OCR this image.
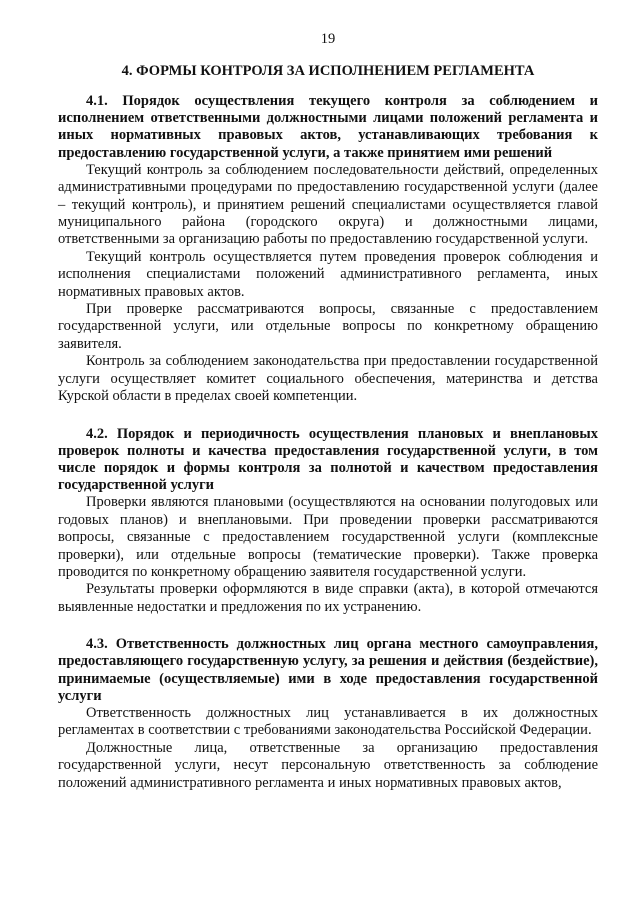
19
4. ФОРМЫ КОНТРОЛЯ ЗА ИСПОЛНЕНИЕМ РЕГЛАМЕНТА

4.1. Порядок осуществления текущего контроля за соблюдением и исполнением ответственными должностными лицами положений регламента и иных нормативных правовых актов, устанавливающих требования к предоставлению государственной услуги, а также принятием ими решений

Текущий контроль за соблюдением последовательности действий, определенных административными процедурами по предоставлению государственной услуги (далее – текущий контроль), и принятием решений специалистами осуществляется главой муниципального района (городского округа) и должностными лицами, ответственными за организацию работы по предоставлению государственной услуги.

Текущий контроль осуществляется путем проведения проверок соблюдения и исполнения специалистами положений административного регламента, иных нормативных правовых актов.

При проверке рассматриваются вопросы, связанные с предоставлением государственной услуги, или отдельные вопросы по конкретному обращению заявителя.

Контроль за соблюдением законодательства при предоставлении государственной услуги осуществляет комитет социального обеспечения, материнства и детства Курской области в пределах своей компетенции.

4.2. Порядок и периодичность осуществления плановых и внеплановых проверок полноты и качества предоставления государственной услуги, в том числе порядок и формы контроля за полнотой и качеством предоставления государственной услуги

Проверки являются плановыми (осуществляются на основании полугодовых или годовых планов) и внеплановыми. При проведении проверки рассматриваются вопросы, связанные с предоставлением государственной услуги (комплексные проверки), или отдельные вопросы (тематические проверки). Также проверка проводится по конкретному обращению заявителя государственной услуги.

Результаты проверки оформляются в виде справки (акта), в которой отмечаются выявленные недостатки и предложения по их устранению.

4.3. Ответственность должностных лиц органа местного самоуправления, предоставляющего государственную услугу, за решения и действия (бездействие), принимаемые (осуществляемые) ими в ходе предоставления государственной услуги

Ответственность должностных лиц устанавливается в их должностных регламентах в соответствии с требованиями законодательства Российской Федерации.

Должностные лица, ответственные за организацию предоставления государственной услуги, несут персональную ответственность за соблюдение положений административного регламента и иных нормативных правовых актов,
